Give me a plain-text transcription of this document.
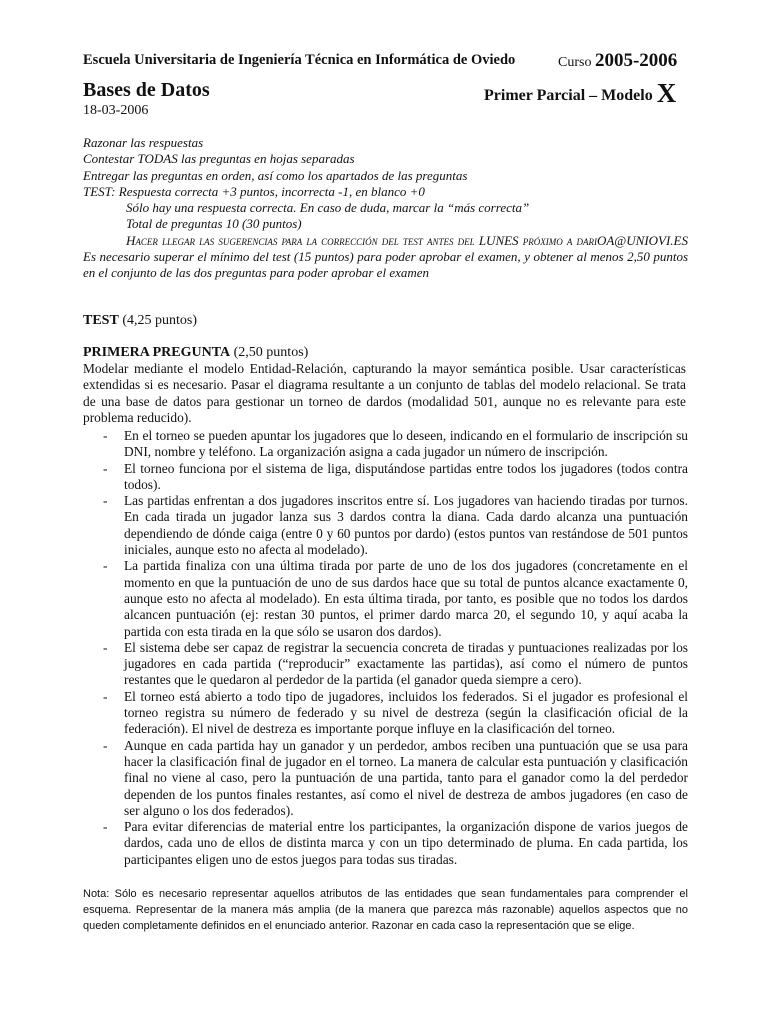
Escuela Universitaria de Ingeniería Técnica en Informática de Oviedo	Curso 2005-2006
Bases de Datos	Primer Parcial – Modelo X
18-03-2006
Razonar las respuestas
Contestar TODAS las preguntas en hojas separadas
Entregar las preguntas en orden, así como los apartados de las preguntas
TEST: Respuesta correcta +3 puntos, incorrecta -1, en blanco +0
Sólo hay una respuesta correcta. En caso de duda, marcar la “más correcta”
Total de preguntas 10 (30 puntos)
Hacer llegar las sugerencias para la corrección del test antes del LUNES próximo a dariOA@UNIOVI.ES
Es necesario superar el mínimo del test (15 puntos) para poder aprobar el examen, y obtener al menos 2,50 puntos en el conjunto de las dos preguntas para poder aprobar el examen
TEST (4,25 puntos)
PRIMERA PREGUNTA (2,50 puntos)
Modelar mediante el modelo Entidad-Relación, capturando la mayor semántica posible. Usar características extendidas si es necesario. Pasar el diagrama resultante a un conjunto de tablas del modelo relacional. Se trata de una base de datos para gestionar un torneo de dardos (modalidad 501, aunque no es relevante para este problema reducido).
- En el torneo se pueden apuntar los jugadores que lo deseen, indicando en el formulario de inscripción su DNI, nombre y teléfono. La organización asigna a cada jugador un número de inscripción.
- El torneo funciona por el sistema de liga, disputándose partidas entre todos los jugadores (todos contra todos).
- Las partidas enfrentan a dos jugadores inscritos entre sí. Los jugadores van haciendo tiradas por turnos. En cada tirada un jugador lanza sus 3 dardos contra la diana. Cada dardo alcanza una puntuación dependiendo de dónde caiga (entre 0 y 60 puntos por dardo) (estos puntos van restándose de 501 puntos iniciales, aunque esto no afecta al modelado).
- La partida finaliza con una última tirada por parte de uno de los dos jugadores (concretamente en el momento en que la puntuación de uno de sus dardos hace que su total de puntos alcance exactamente 0, aunque esto no afecta al modelado). En esta última tirada, por tanto, es posible que no todos los dardos alcancen puntuación (ej: restan 30 puntos, el primer dardo marca 20, el segundo 10, y aquí acaba la partida con esta tirada en la que sólo se usaron dos dardos).
- El sistema debe ser capaz de registrar la secuencia concreta de tiradas y puntuaciones realizadas por los jugadores en cada partida (“reproducir” exactamente las partidas), así como el número de puntos restantes que le quedaron al perdedor de la partida (el ganador queda siempre a cero).
- El torneo está abierto a todo tipo de jugadores, incluidos los federados. Si el jugador es profesional el torneo registra su número de federado y su nivel de destreza (según la clasificación oficial de la federación). El nivel de destreza es importante porque influye en la clasificación del torneo.
- Aunque en cada partida hay un ganador y un perdedor, ambos reciben una puntuación que se usa para hacer la clasificación final de jugador en el torneo. La manera de calcular esta puntuación y clasificación final no viene al caso, pero la puntuación de una partida, tanto para el ganador como la del perdedor dependen de los puntos finales restantes, así como el nivel de destreza de ambos jugadores (en caso de ser alguno o los dos federados).
- Para evitar diferencias de material entre los participantes, la organización dispone de varios juegos de dardos, cada uno de ellos de distinta marca y con un tipo determinado de pluma. En cada partida, los participantes eligen uno de estos juegos para todas sus tiradas.
Nota: Sólo es necesario representar aquellos atributos de las entidades que sean fundamentales para comprender el esquema. Representar de la manera más amplia (de la manera que parezca más razonable) aquellos aspectos que no queden completamente definidos en el enunciado anterior. Razonar en cada caso la representación que se elige.
